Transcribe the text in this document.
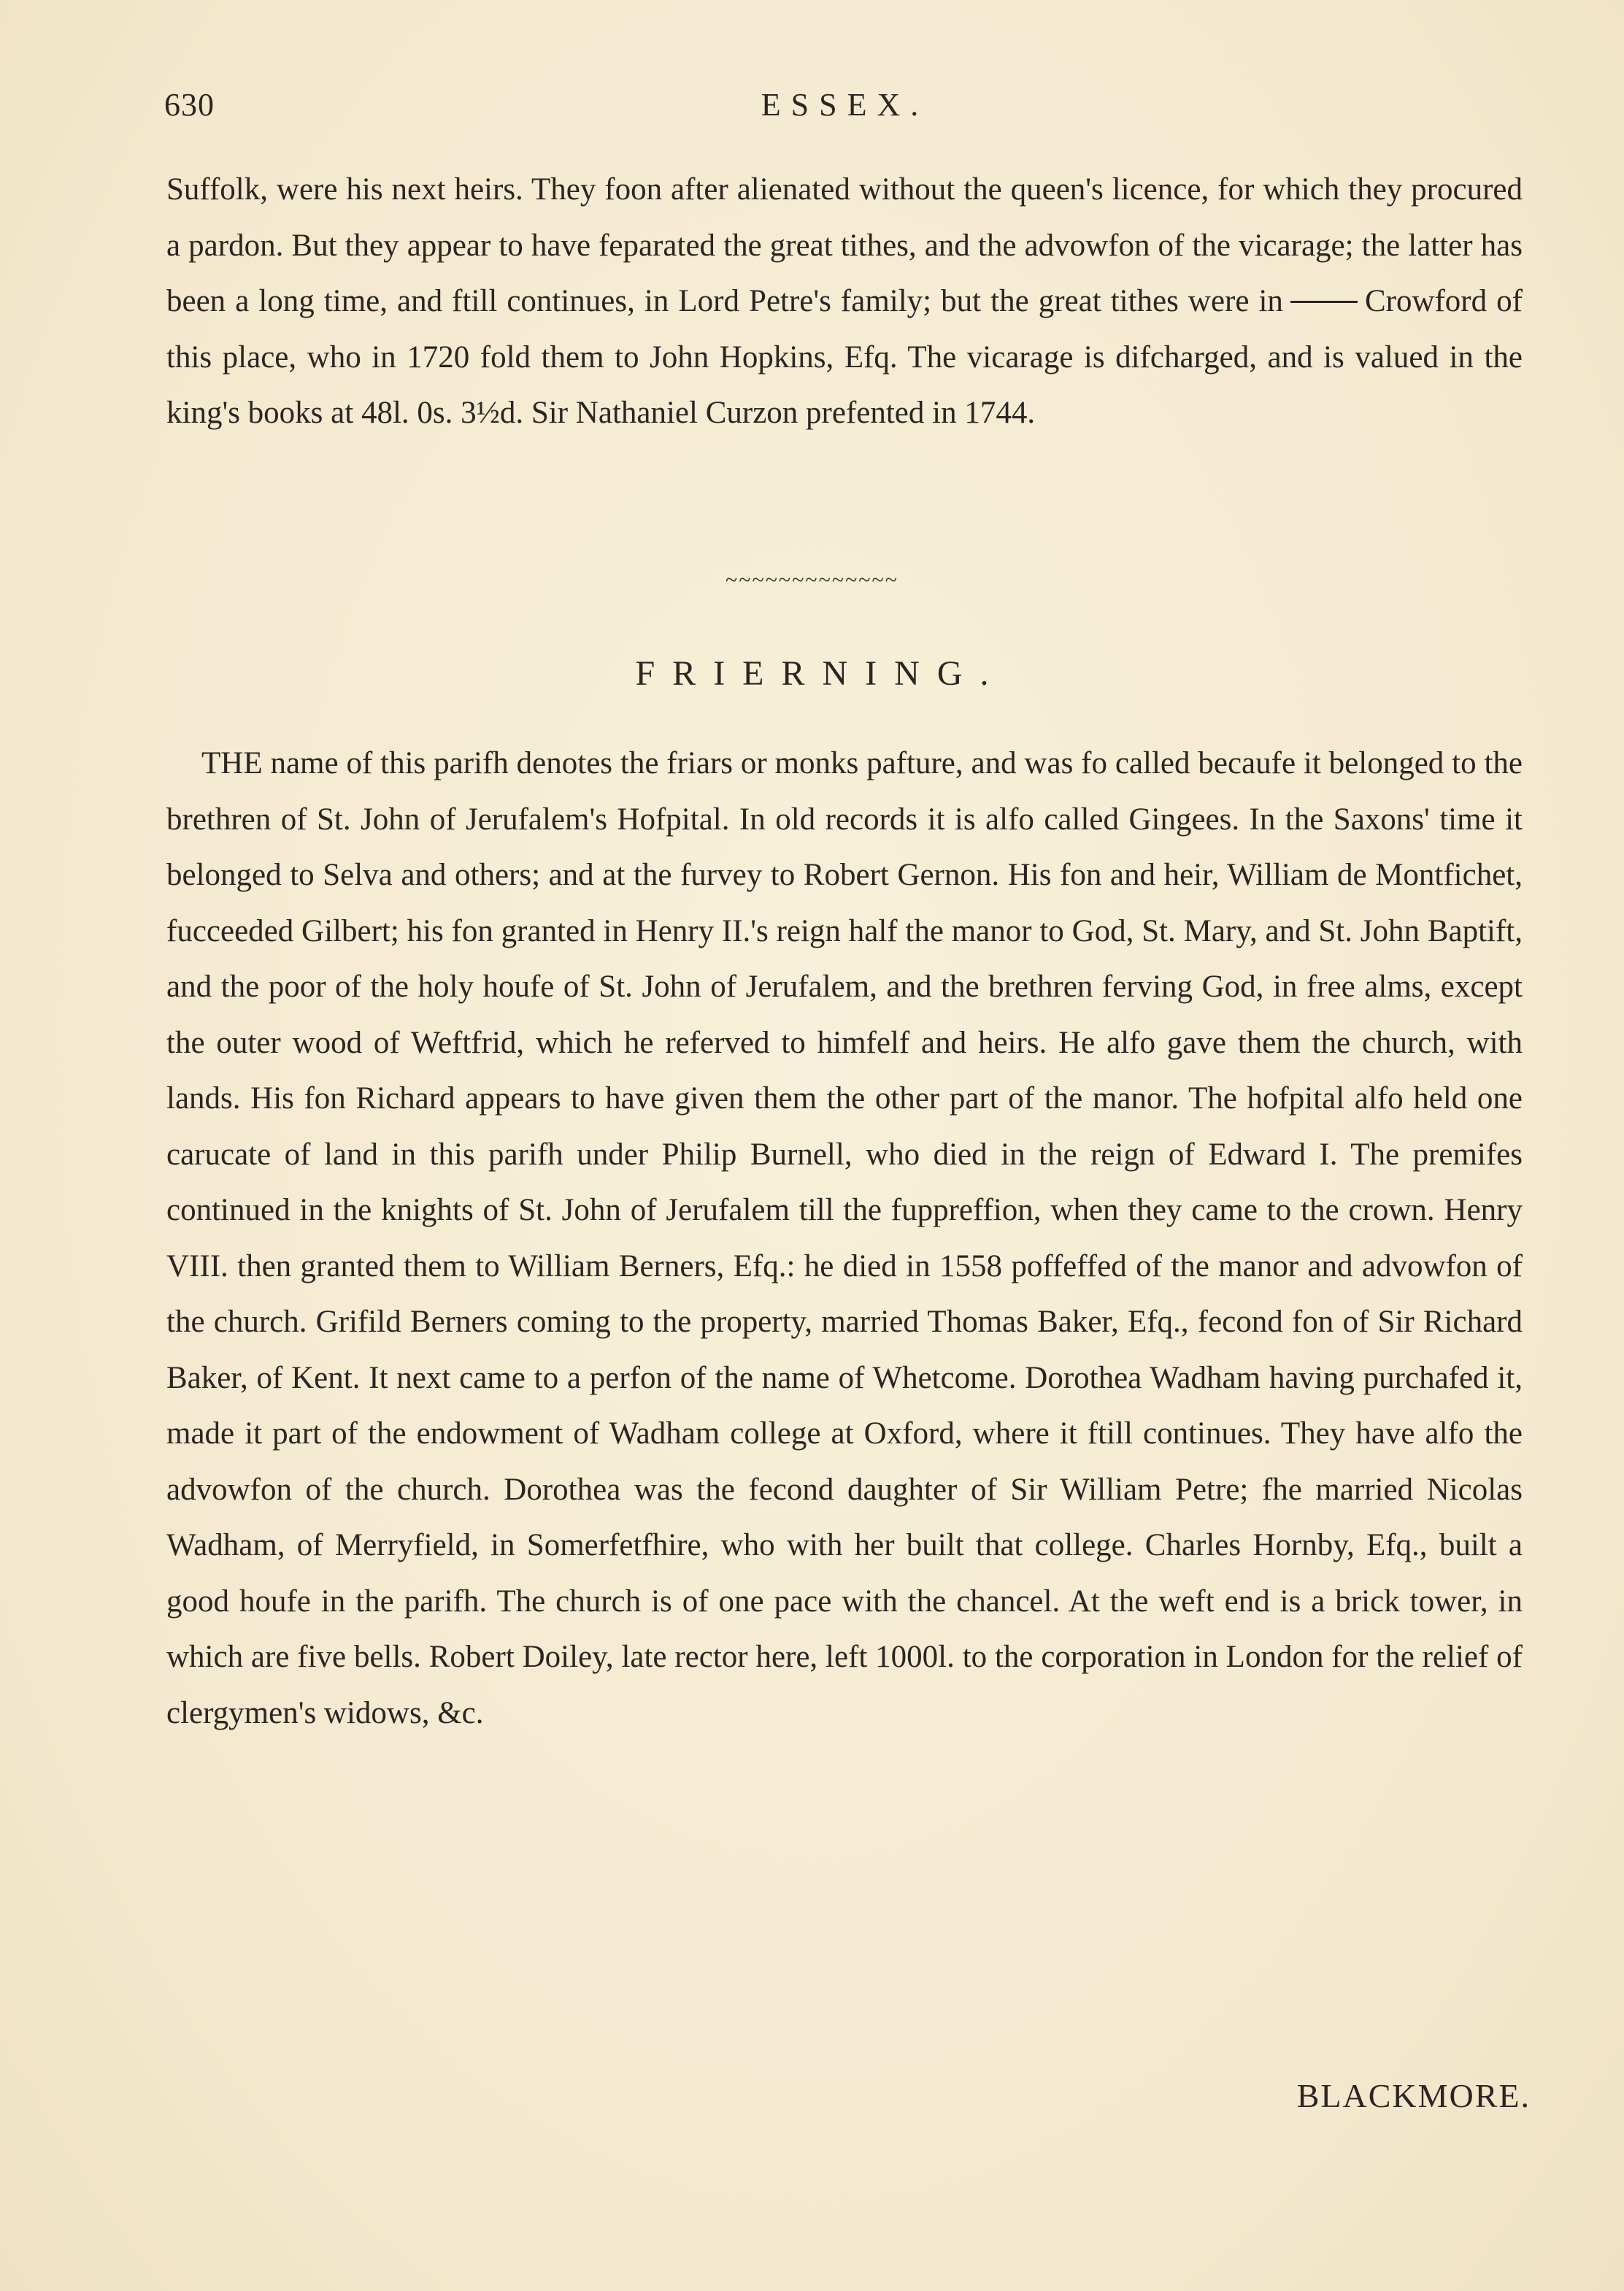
630	ESSEX.

Suffolk, were his next heirs. They foon after alienated without the queen's licence, for which they procured a pardon. But they appear to have feparated the great tithes, and the advowfon of the vicarage; the latter has been a long time, and ftill continues, in Lord Petre's family; but the great tithes were in	Crowford of this place, who in 1720 fold them to John Hopkins, Efq. The vicarage is difcharged, and is valued in the king's books at 48l. 0s. 3½d. Sir Nathaniel Curzon prefented in 1744.

~~~~~~~~~~~~~
FRIERNING.

THE name of this parifh denotes the friars or monks pafture, and was fo called becaufe it belonged to the brethren of St. John of Jerufalem's Hofpital. In old records it is alfo called Gingees. In the Saxons' time it belonged to Selva and others; and at the furvey to Robert Gernon. His fon and heir, William de Montfichet, fucceeded Gilbert; his fon granted in Henry II.'s reign half the manor to God, St. Mary, and St. John Baptift, and the poor of the holy houfe of St. John of Jerufalem, and the brethren ferving God, in free alms, except the outer wood of Weftfrid, which he referved to himfelf and heirs. He alfo gave them the church, with lands. His fon Richard appears to have given them the other part of the manor. The hofpital alfo held one carucate of land in this parifh under Philip Burnell, who died in the reign of Edward I. The premifes continued in the knights of St. John of Jerufalem till the fuppreffion, when they came to the crown. Henry VIII. then granted them to William Berners, Efq.: he died in 1558 poffeffed of the manor and advowfon of the church. Grifild Berners coming to the property, married Thomas Baker, Efq., fecond fon of Sir Richard Baker, of Kent. It next came to a perfon of the name of Whetcome. Dorothea Wadham having purchafed it, made it part of the endowment of Wadham college at Oxford, where it ftill continues. They have alfo the advowfon of the church. Dorothea was the fecond daughter of Sir William Petre; fhe married Nicolas Wadham, of Merryfield, in Somerfetfhire, who with her built that college. Charles Hornby, Efq., built a good houfe in the parifh. The church is of one pace with the chancel. At the weft end is a brick tower, in which are five bells. Robert Doiley, late rector here, left 1000l. to the corporation in London for the relief of clergymen's widows, &c.

BLACKMORE.
